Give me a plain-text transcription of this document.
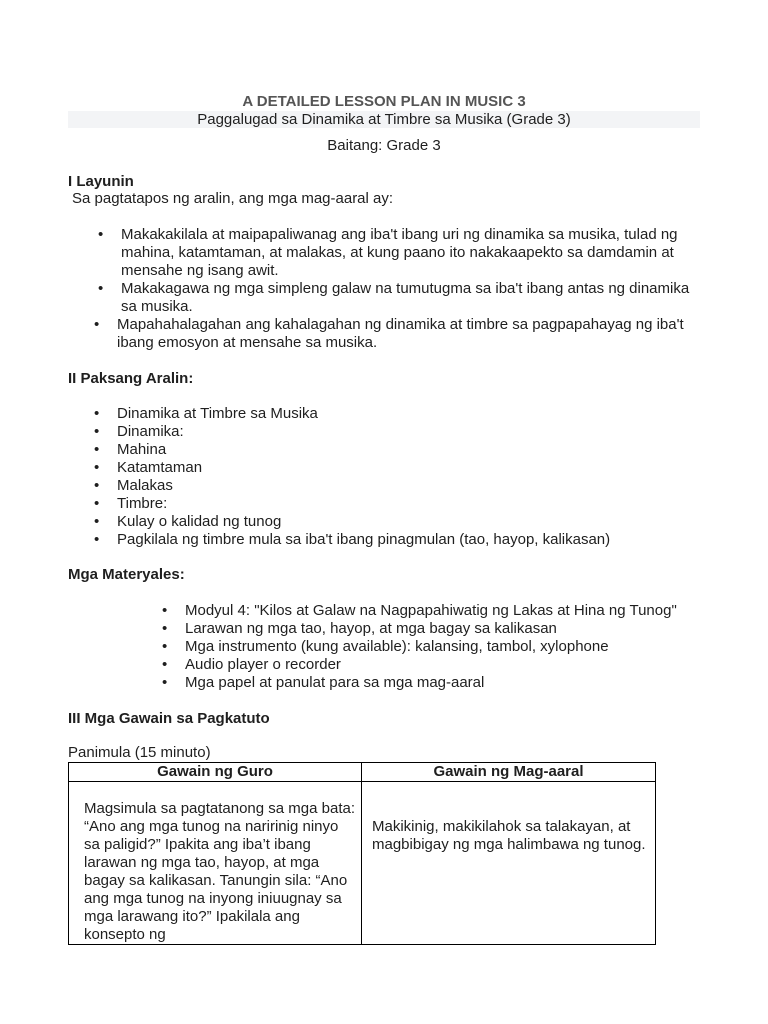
A DETAILED LESSON PLAN IN MUSIC 3
Paggalugad sa Dinamika at Timbre sa Musika (Grade 3)
Baitang: Grade 3
I Layunin
Sa pagtatapos ng aralin, ang mga mag-aaral ay:
• Makakakilala at maipapaliwanag ang iba't ibang uri ng dinamika sa musika, tulad ng mahina, katamtaman, at malakas, at kung paano ito nakakaapekto sa damdamin at mensahe ng isang awit.
• Makakagawa ng mga simpleng galaw na tumutugma sa iba't ibang antas ng dinamika sa musika.
• Mapahahalagahan ang kahalagahan ng dinamika at timbre sa pagpapahayag ng iba't ibang emosyon at mensahe sa musika.
II Paksang Aralin:
• Dinamika at Timbre sa Musika
• Dinamika:
• Mahina
• Katamtaman
• Malakas
• Timbre:
• Kulay o kalidad ng tunog
• Pagkilala ng timbre mula sa iba't ibang pinagmulan (tao, hayop, kalikasan)
Mga Materyales:
• Modyul 4: "Kilos at Galaw na Nagpapahiwatig ng Lakas at Hina ng Tunog"
• Larawan ng mga tao, hayop, at mga bagay sa kalikasan
• Mga instrumento (kung available): kalansing, tambol, xylophone
• Audio player o recorder
• Mga papel at panulat para sa mga mag-aaral
III Mga Gawain sa Pagkatuto
Panimula (15 minuto)
Gawain ng Guro	Gawain ng Mag-aaral

Magsimula sa pagtatanong sa mga bata: “Ano ang mga tunog na naririnig ninyo sa paligid?” Ipakita ang iba’t ibang larawan ng mga tao, hayop, at mga bagay sa kalikasan. Tanungin sila: “Ano ang mga tunog na inyong iniuugnay sa mga larawang ito?” Ipakilala ang konsepto ng	Makikinig, makikilahok sa talakayan, at magbibigay ng mga halimbawa ng tunog.
